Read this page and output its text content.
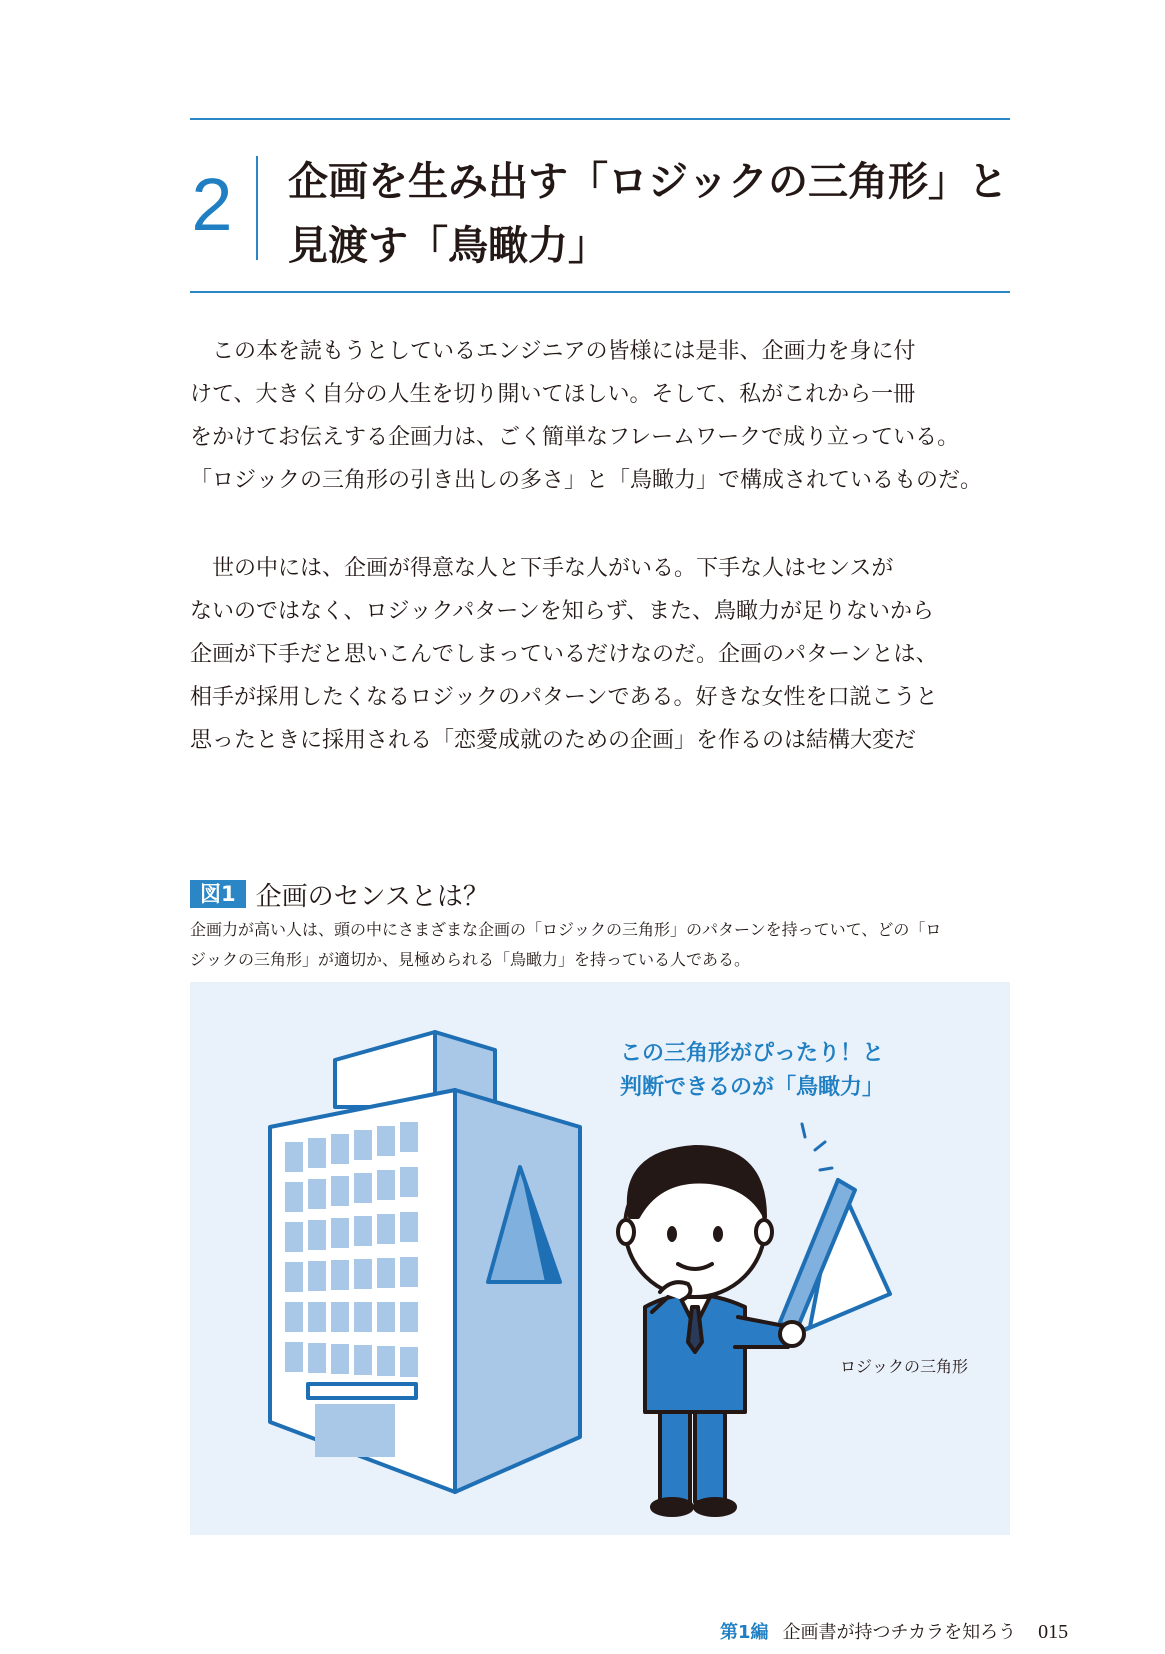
2 企画を生み出す「ロジックの三角形」と
見渡す「鳥瞰力」
　この本を読もうとしているエンジニアの皆様には是非、企画力を身に付
けて、大きく自分の人生を切り開いてほしい。そして、私がこれから一冊
をかけてお伝えする企画力は、ごく簡単なフレームワークで成り立っている。
「ロジックの三角形の引き出しの多さ」と「鳥瞰力」で構成されているものだ。
　世の中には、企画が得意な人と下手な人がいる。下手な人はセンスが
ないのではなく、ロジックパターンを知らず、また、鳥瞰力が足りないから
企画が下手だと思いこんでしまっているだけなのだ。企画のパターンとは、
相手が採用したくなるロジックのパターンである。好きな女性を口説こうと
思ったときに採用される「恋愛成就のための企画」を作るのは結構大変だ
図1 企画のセンスとは？
企画力が高い人は、頭の中にさまざまな企画の「ロジックの三角形」のパターンを持っていて、どの「ロ
ジックの三角形」が適切か、見極められる「鳥瞰力」を持っている人である。
この三角形がぴったり！と
判断できるのが「鳥瞰力」
ロジックの三角形
第1編 企画書が持つチカラを知ろう 015
